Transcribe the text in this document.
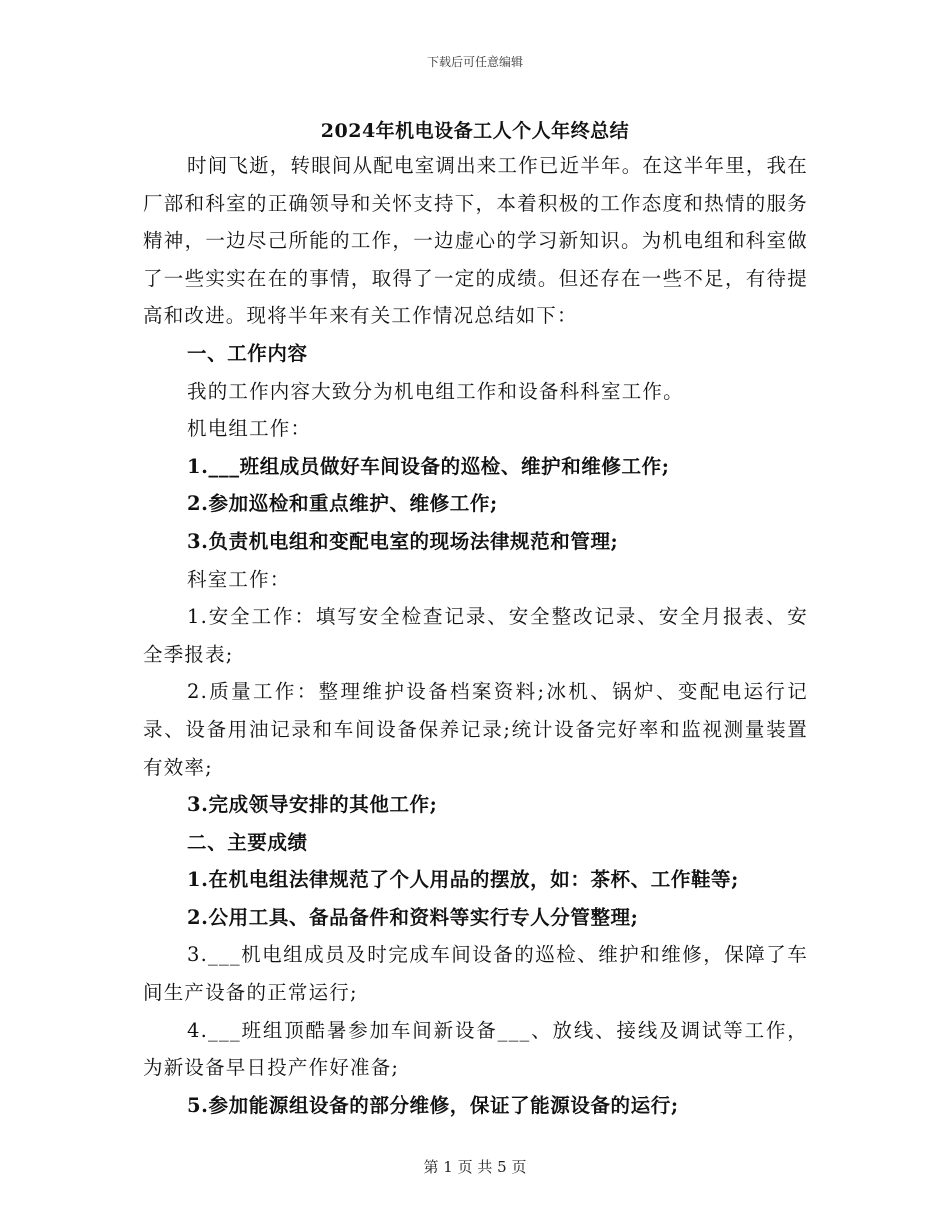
下载后可任意编辑
2024年机电设备工人个人年终总结

时间飞逝，转眼间从配电室调出来工作已近半年。在这半年里，我在厂部和科室的正确领导和关怀支持下，本着积极的工作态度和热情的服务精神，一边尽己所能的工作，一边虚心的学习新知识。为机电组和科室做了一些实实在在的事情，取得了一定的成绩。但还存在一些不足，有待提高和改进。现将半年来有关工作情况总结如下：

一、工作内容

我的工作内容大致分为机电组工作和设备科科室工作。

机电组工作：

1.___班组成员做好车间设备的巡检、维护和维修工作;

2.参加巡检和重点维护、维修工作;

3.负责机电组和变配电室的现场法律规范和管理;

科室工作：

1.安全工作：填写安全检查记录、安全整改记录、安全月报表、安全季报表;

2.质量工作：整理维护设备档案资料;冰机、锅炉、变配电运行记录、设备用油记录和车间设备保养记录;统计设备完好率和监视测量装置有效率;

3.完成领导安排的其他工作;

二、主要成绩

1.在机电组法律规范了个人用品的摆放，如：茶杯、工作鞋等;

2.公用工具、备品备件和资料等实行专人分管整理;

3.___机电组成员及时完成车间设备的巡检、维护和维修，保障了车间生产设备的正常运行;

4.___班组顶酷暑参加车间新设备___、放线、接线及调试等工作，为新设备早日投产作好准备;

5.参加能源组设备的部分维修，保证了能源设备的运行;

第 1 页 共 5 页
